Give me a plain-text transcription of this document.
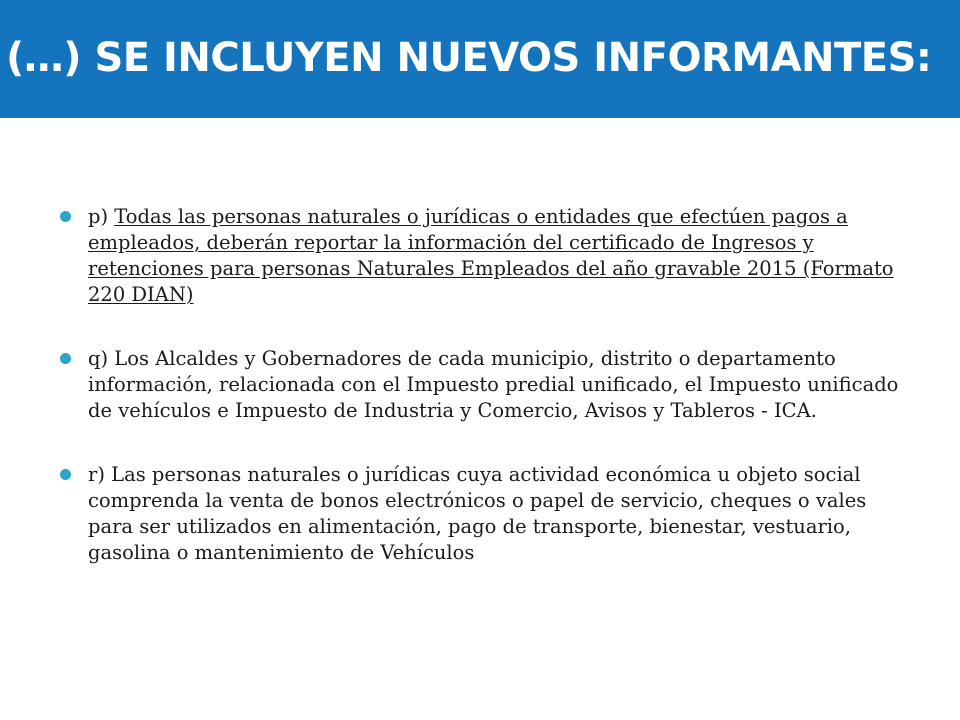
(…) SE INCLUYEN NUEVOS INFORMANTES:
p) Todas las personas naturales o jurídicas o entidades que efectúen pagos a empleados, deberán reportar la información del certificado de Ingresos y retenciones para personas Naturales Empleados del año gravable 2015 (Formato 220 DIAN)
q) Los Alcaldes y Gobernadores de cada municipio, distrito o departamento información, relacionada con el Impuesto predial unificado, el Impuesto unificado de vehículos e Impuesto de Industria y Comercio, Avisos y Tableros - ICA.
r) Las personas naturales o jurídicas cuya actividad económica u objeto social comprenda la venta de bonos electrónicos o papel de servicio, cheques o vales para ser utilizados en alimentación, pago de transporte, bienestar, vestuario, gasolina o mantenimiento de Vehículos
